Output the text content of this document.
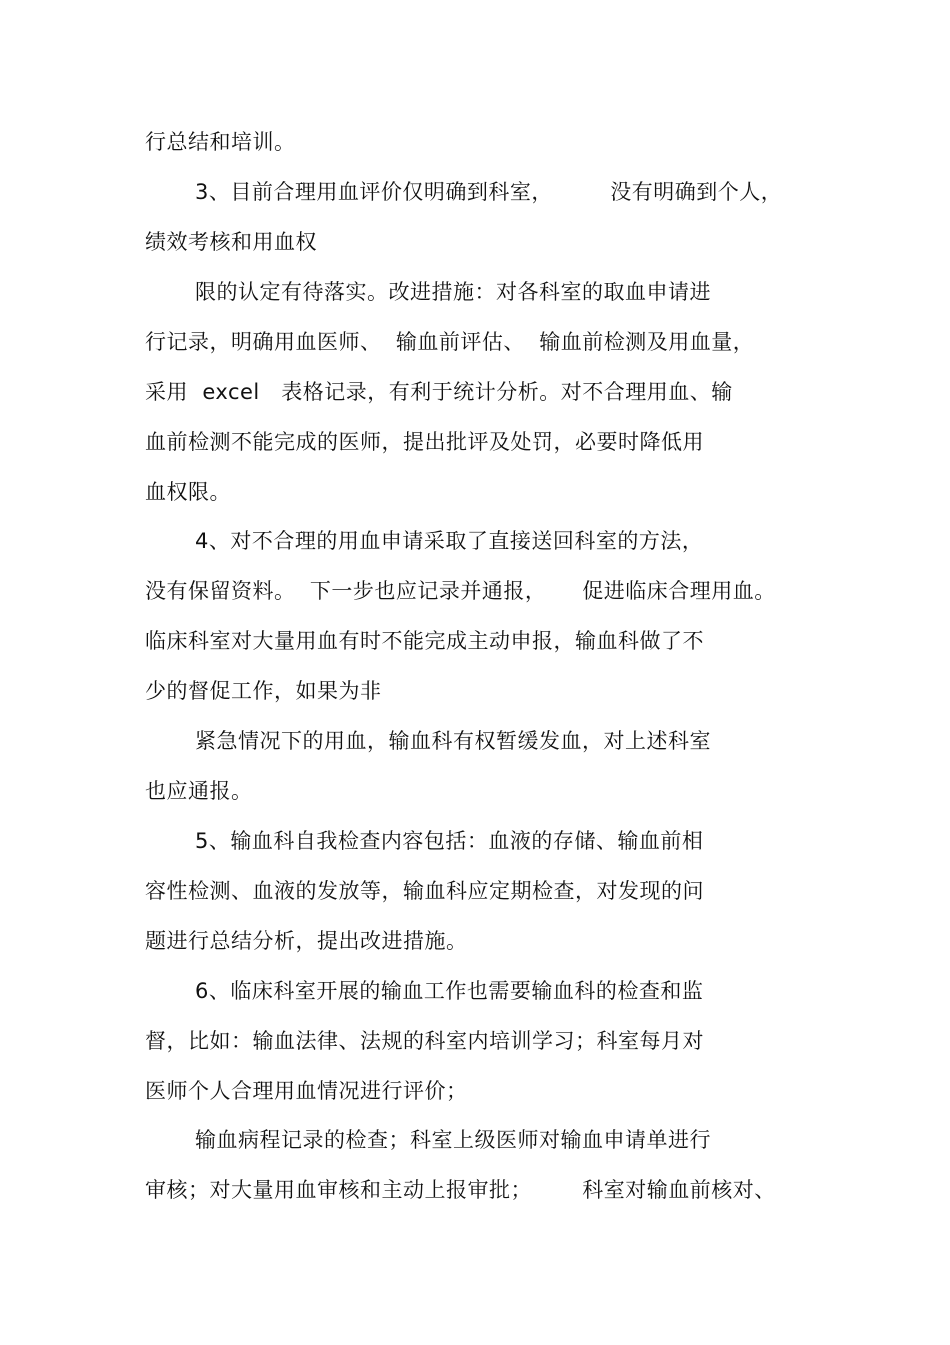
行总结和培训。
3、目前合理用血评价仅明确到科室，        没有明确到个人，
绩效考核和用血权
限的认定有待落实。改进措施：对各科室的取血申请进
行记录，明确用血医师、  输血前评估、  输血前检测及用血量，
采用  excel   表格记录，有利于统计分析。对不合理用血、输
血前检测不能完成的医师，提出批评及处罚，必要时降低用
血权限。
4、对不合理的用血申请采取了直接送回科室的方法，
没有保留资料。  下一步也应记录并通报，     促进临床合理用血。
临床科室对大量用血有时不能完成主动申报，输血科做了不
少的督促工作，如果为非
紧急情况下的用血，输血科有权暂缓发血，对上述科室
也应通报。
5、输血科自我检查内容包括：血液的存储、输血前相
容性检测、血液的发放等，输血科应定期检查，对发现的问
题进行总结分析，提出改进措施。
6、临床科室开展的输血工作也需要输血科的检查和监
督，比如：输血法律、法规的科室内培训学习；科室每月对
医师个人合理用血情况进行评价；
输血病程记录的检查；科室上级医师对输血申请单进行
审核；对大量用血审核和主动上报审批；       科室对输血前核对、
